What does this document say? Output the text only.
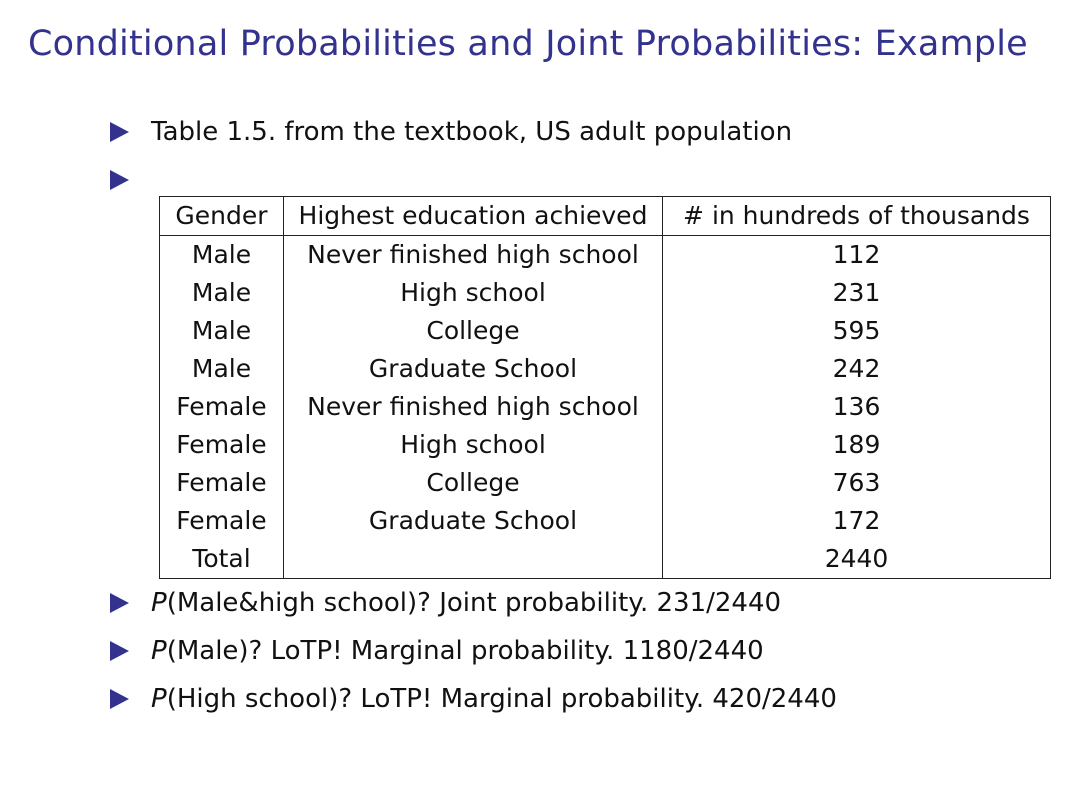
Conditional Probabilities and Joint Probabilities: Example
Table 1.5. from the textbook, US adult population
Gender	Highest education achieved	# in hundreds of thousands
Male	Never finished high school	112
Male	High school	231
Male	College	595
Male	Graduate School	242
Female	Never finished high school	136
Female	High school	189
Female	College	763
Female	Graduate School	172
Total		2440
P(Male&high school)? Joint probability. 231/2440
P(Male)? LoTP! Marginal probability. 1180/2440
P(High school)? LoTP! Marginal probability. 420/2440
